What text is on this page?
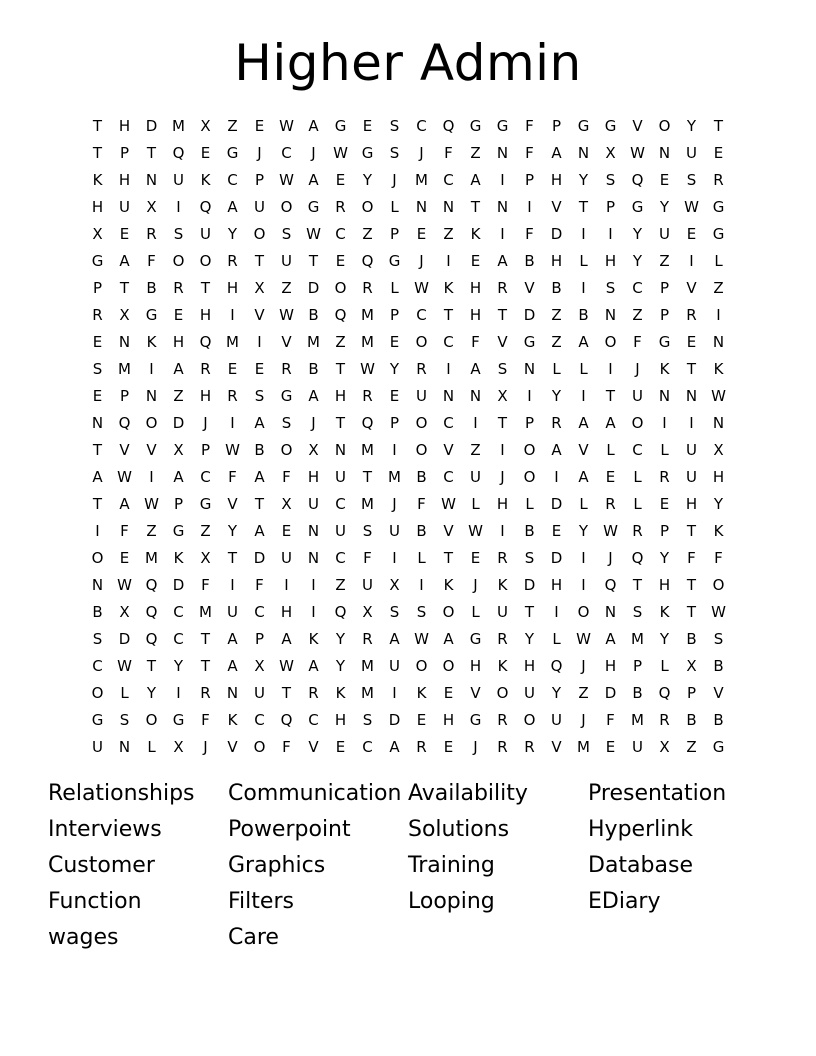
Higher Admin
T	H	D M	X	Z	E W A	G	E	S	C	Q	G	G	F	P	G	G	V	O	Y	T
T	P	T	Q	E	G	J	C	J	W G	S	J	F	Z	N	F	A	N	X W N	U	E
K	H	N	U	K	C	P	W A	E	Y	J	M	C	A	I	P	H	Y	S	Q	E	S	R
H	U	X	I	Q	A	U	O	G	R	O	L	N	N	T	N	I	V	T	P	G	Y	W G
X	E	R	S	U	Y	O	S W C	Z	P	E	Z	K	I	F	D	I	I	Y	U	E	G
G	A	F	O	O	R	T	U	T	E	Q	G	J	I	E	A	B	H	L	H	Y	Z	I	L
P	T	B	R	T	H	X	Z	D	O	R	L	W K	H	R	V	B	I	S	C	P	V	Z
R	X	G	E	H	I	V W B	Q M	P	C	T	H	T	D	Z	B	N	Z	P	R	I
E	N	K	H	Q M	I	V	M	Z	M	E	O	C	F	V	G	Z	A	O	F	G	E	N
S	M	I	A	R	E	E	R	B	T	W Y	R	I	A	S	N	L	L	I	J	K	T	K
E	P	N	Z	H	R	S	G	A	H	R	E	U	N	N	X	I	Y	I	T	U	N	N W
N	Q	O	D	J	I	A	S	J	T	Q	P	O	C	I	T	P	R	A	A	O	I	I	N
T	V	V	X	P	W B	O	X	N M	I	O	V	Z	I	O	A	V	L	C	L	U	X
A W	I	A	C	F	A	F	H	U	T	M	B	C	U	J	O	I	A	E	L	R	U	H
T	A W	P	G	V	T	X	U	C	M	J	F	W	L	H	L	D	L	R	L	E	H	Y
I	F	Z	G	Z	Y	A	E	N	U	S	U	B	V W	I	B	E	Y	W R	P	T	K
O	E	M	K	X	T	D	U	N	C	F	I	L	T	E	R	S	D	I	J	Q	Y	F	F
N W Q	D	F	I	F	I	I	Z	U	X	I	K	J	K	D	H	I	Q	T	H	T	O
B	X	Q	C	M	U	C	H	I	Q	X	S	S	O	L	U	T	I	O	N	S	K	T	W
S	D	Q	C	T	A	P	A	K	Y	R	A W A	G	R	Y	L	W A	M	Y	B	S
C W T	Y	T	A	X W A	Y	M	U	O	O	H	K	H	Q	J	H	P	L	X	B
O	L	Y	I	R	N	U	T	R	K	M	I	K	E	V	O	U	Y	Z	D	B	Q	P	V
G	S	O	G	F	K	C	Q	C	H	S	D	E	H	G	R	O	U	J	F	M	R	B	B
U	N	L	X	J	V	O	F	V	E	C	A	R	E	J	R	R	V	M	E	U	X	Z	G
Relationships	Communication Availability	Presentation
Interviews	Powerpoint	Solutions	Hyperlink
Customer	Graphics	Training	Database
Function	Filters	Looping	EDiary
wages	Care
